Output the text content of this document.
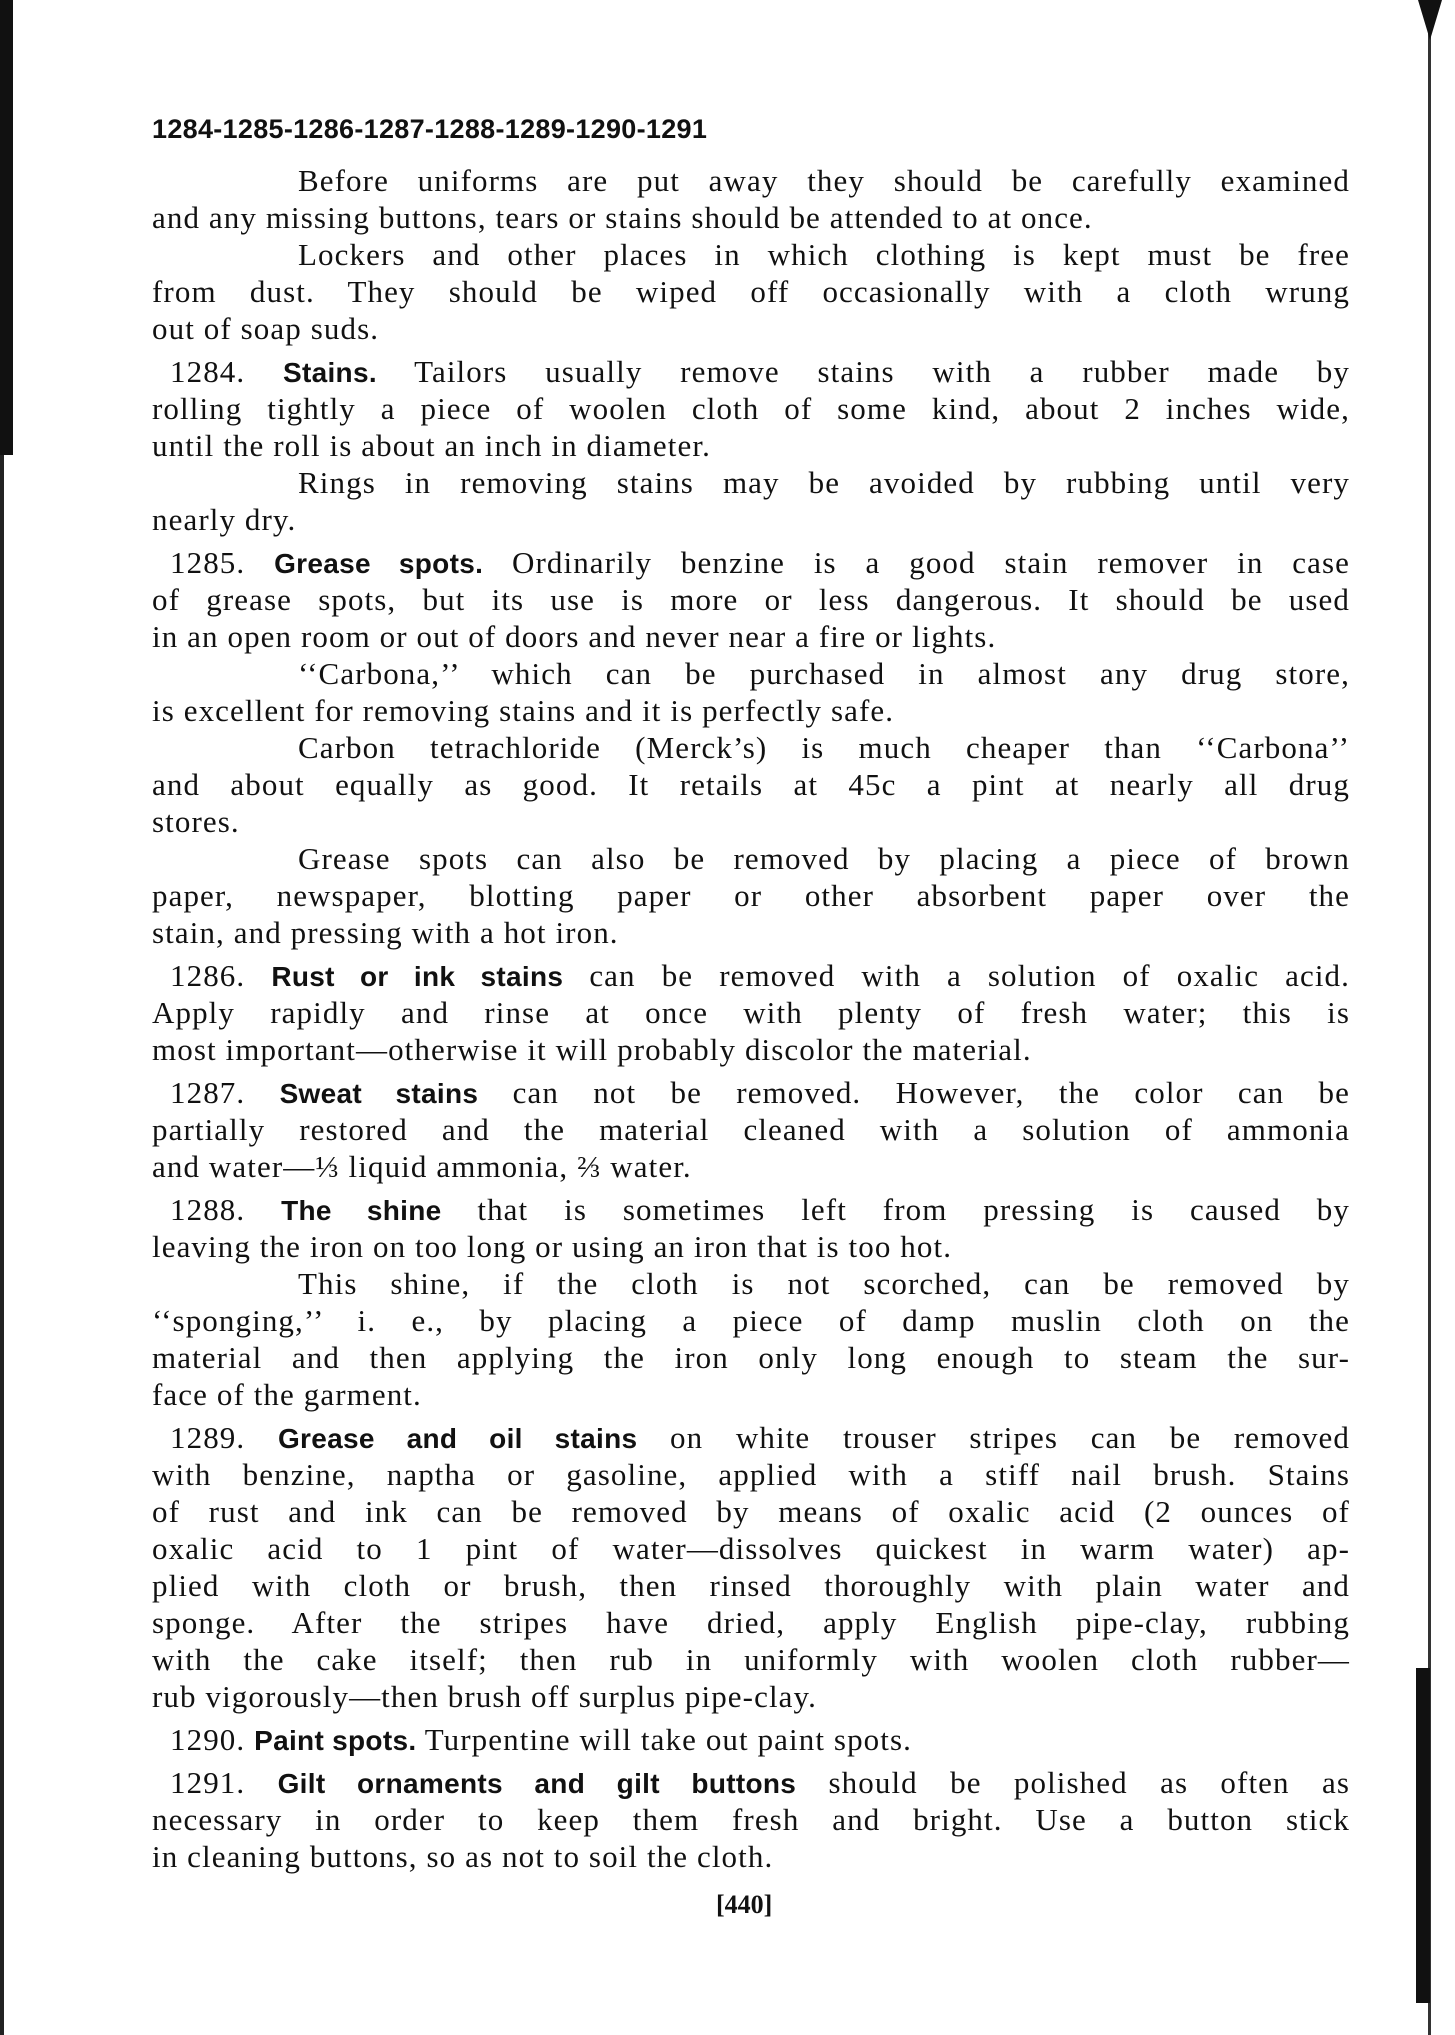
1284-1285-1286-1287-1288-1289-1290-1291
Before uniforms are put away they should be carefully examined
and any missing buttons, tears or stains should be attended to at once.
Lockers and other places in which clothing is kept must be free
from dust. They should be wiped off occasionally with a cloth wrung
out of soap suds.
1284. Stains. Tailors usually remove stains with a rubber made by
rolling tightly a piece of woolen cloth of some kind, about 2 inches wide,
until the roll is about an inch in diameter.
Rings in removing stains may be avoided by rubbing until very
nearly dry.
1285. Grease spots. Ordinarily benzine is a good stain remover in case
of grease spots, but its use is more or less dangerous. It should be used
in an open room or out of doors and never near a fire or lights.
‘‘Carbona,’’ which can be purchased in almost any drug store,
is excellent for removing stains and it is perfectly safe.
Carbon tetrachloride (Merck’s) is much cheaper than ‘‘Carbona’’
and about equally as good. It retails at 45c a pint at nearly all drug
stores.
Grease spots can also be removed by placing a piece of brown
paper, newspaper, blotting paper or other absorbent paper over the
stain, and pressing with a hot iron.
1286. Rust or ink stains can be removed with a solution of oxalic acid.
Apply rapidly and rinse at once with plenty of fresh water; this is
most important—otherwise it will probably discolor the material.
1287. Sweat stains can not be removed. However, the color can be
partially restored and the material cleaned with a solution of ammonia
and water—⅓ liquid ammonia, ⅔ water.
1288. The shine that is sometimes left from pressing is caused by
leaving the iron on too long or using an iron that is too hot.
This shine, if the cloth is not scorched, can be removed by
‘‘sponging,’’ i. e., by placing a piece of damp muslin cloth on the
material and then applying the iron only long enough to steam the sur-
face of the garment.
1289. Grease and oil stains on white trouser stripes can be removed
with benzine, naptha or gasoline, applied with a stiff nail brush. Stains
of rust and ink can be removed by means of oxalic acid (2 ounces of
oxalic acid to 1 pint of water—dissolves quickest in warm water) ap-
plied with cloth or brush, then rinsed thoroughly with plain water and
sponge. After the stripes have dried, apply English pipe-clay, rubbing
with the cake itself; then rub in uniformly with woolen cloth rubber—
rub vigorously—then brush off surplus pipe-clay.
1290. Paint spots. Turpentine will take out paint spots.
1291. Gilt ornaments and gilt buttons should be polished as often as
necessary in order to keep them fresh and bright. Use a button stick
in cleaning buttons, so as not to soil the cloth.
[440]
